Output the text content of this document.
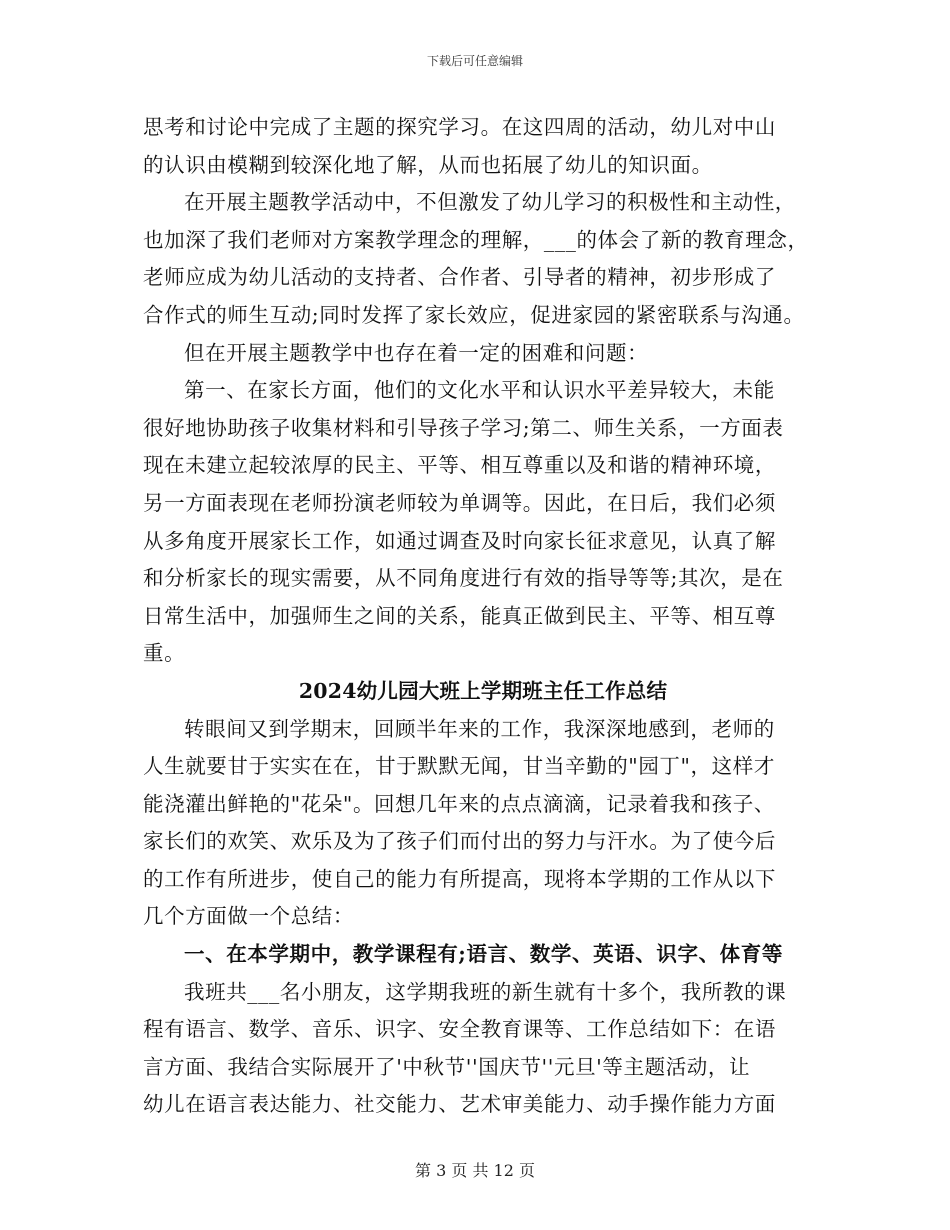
下载后可任意编辑
思考和讨论中完成了主题的探究学习。在这四周的活动，幼儿对中山
的认识由模糊到较深化地了解，从而也拓展了幼儿的知识面。
在开展主题教学活动中，不但激发了幼儿学习的积极性和主动性，
也加深了我们老师对方案教学理念的理解，___的体会了新的教育理念，
老师应成为幼儿活动的支持者、合作者、引导者的精神，初步形成了
合作式的师生互动;同时发挥了家长效应，促进家园的紧密联系与沟通。
但在开展主题教学中也存在着一定的困难和问题：
第一、在家长方面，他们的文化水平和认识水平差异较大，未能
很好地协助孩子收集材料和引导孩子学习;第二、师生关系，一方面表
现在未建立起较浓厚的民主、平等、相互尊重以及和谐的精神环境，
另一方面表现在老师扮演老师较为单调等。因此，在日后，我们必须
从多角度开展家长工作，如通过调查及时向家长征求意见，认真了解
和分析家长的现实需要，从不同角度进行有效的指导等等;其次，是在
日常生活中，加强师生之间的关系，能真正做到民主、平等、相互尊
重。
2024幼儿园大班上学期班主任工作总结
转眼间又到学期末，回顾半年来的工作，我深深地感到，老师的
人生就要甘于实实在在，甘于默默无闻，甘当辛勤的"园丁"，这样才
能浇灌出鲜艳的"花朵"。回想几年来的点点滴滴，记录着我和孩子、
家长们的欢笑、欢乐及为了孩子们而付出的努力与汗水。为了使今后
的工作有所进步，使自己的能力有所提高，现将本学期的工作从以下
几个方面做一个总结：
一、在本学期中，教学课程有;语言、数学、英语、识字、体育等
我班共___名小朋友，这学期我班的新生就有十多个，我所教的课
程有语言、数学、音乐、识字、安全教育课等、工作总结如下：在语
言方面、我结合实际展开了'中秋节''国庆节''元旦'等主题活动，让
幼儿在语言表达能力、社交能力、艺术审美能力、动手操作能力方面
第 3 页 共 12 页
